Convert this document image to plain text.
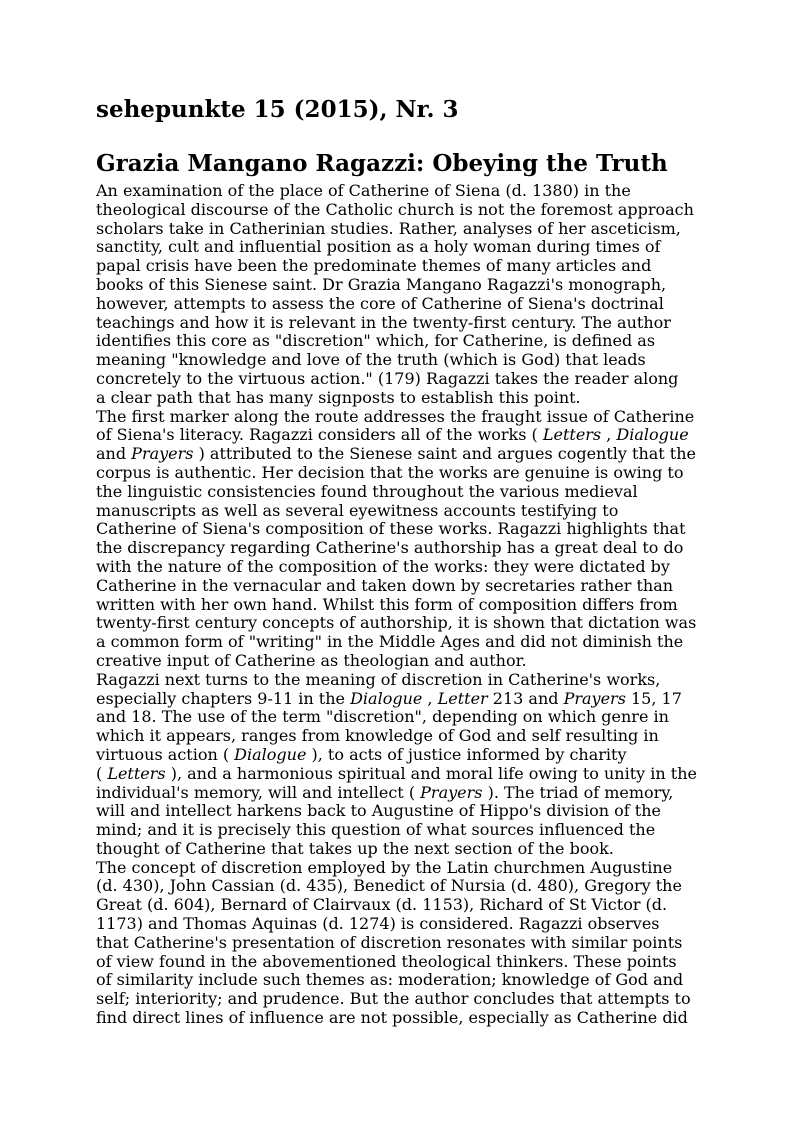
sehepunkte 15 (2015), Nr. 3
Grazia Mangano Ragazzi: Obeying the Truth
An examination of the place of Catherine of Siena (d. 1380) in the
theological discourse of the Catholic church is not the foremost approach
scholars take in Catherinian studies. Rather, analyses of her asceticism,
sanctity, cult and influential position as a holy woman during times of
papal crisis have been the predominate themes of many articles and
books of this Sienese saint. Dr Grazia Mangano Ragazzi's monograph,
however, attempts to assess the core of Catherine of Siena's doctrinal
teachings and how it is relevant in the twenty-first century. The author
identifies this core as "discretion" which, for Catherine, is defined as
meaning "knowledge and love of the truth (which is God) that leads
concretely to the virtuous action." (179) Ragazzi takes the reader along
a clear path that has many signposts to establish this point.
The first marker along the route addresses the fraught issue of Catherine
of Siena's literacy. Ragazzi considers all of the works ( Letters , Dialogue
and Prayers ) attributed to the Sienese saint and argues cogently that the
corpus is authentic. Her decision that the works are genuine is owing to
the linguistic consistencies found throughout the various medieval
manuscripts as well as several eyewitness accounts testifying to
Catherine of Siena's composition of these works. Ragazzi highlights that
the discrepancy regarding Catherine's authorship has a great deal to do
with the nature of the composition of the works: they were dictated by
Catherine in the vernacular and taken down by secretaries rather than
written with her own hand. Whilst this form of composition differs from
twenty-first century concepts of authorship, it is shown that dictation was
a common form of "writing" in the Middle Ages and did not diminish the
creative input of Catherine as theologian and author.
Ragazzi next turns to the meaning of discretion in Catherine's works,
especially chapters 9-11 in the Dialogue , Letter 213 and Prayers 15, 17
and 18. The use of the term "discretion", depending on which genre in
which it appears, ranges from knowledge of God and self resulting in
virtuous action ( Dialogue ), to acts of justice informed by charity
( Letters ), and a harmonious spiritual and moral life owing to unity in the
individual's memory, will and intellect ( Prayers ). The triad of memory,
will and intellect harkens back to Augustine of Hippo's division of the
mind; and it is precisely this question of what sources influenced the
thought of Catherine that takes up the next section of the book.
The concept of discretion employed by the Latin churchmen Augustine
(d. 430), John Cassian (d. 435), Benedict of Nursia (d. 480), Gregory the
Great (d. 604), Bernard of Clairvaux (d. 1153), Richard of St Victor (d.
1173) and Thomas Aquinas (d. 1274) is considered. Ragazzi observes
that Catherine's presentation of discretion resonates with similar points
of view found in the abovementioned theological thinkers. These points
of similarity include such themes as: moderation; knowledge of God and
self; interiority; and prudence. But the author concludes that attempts to
find direct lines of influence are not possible, especially as Catherine did
